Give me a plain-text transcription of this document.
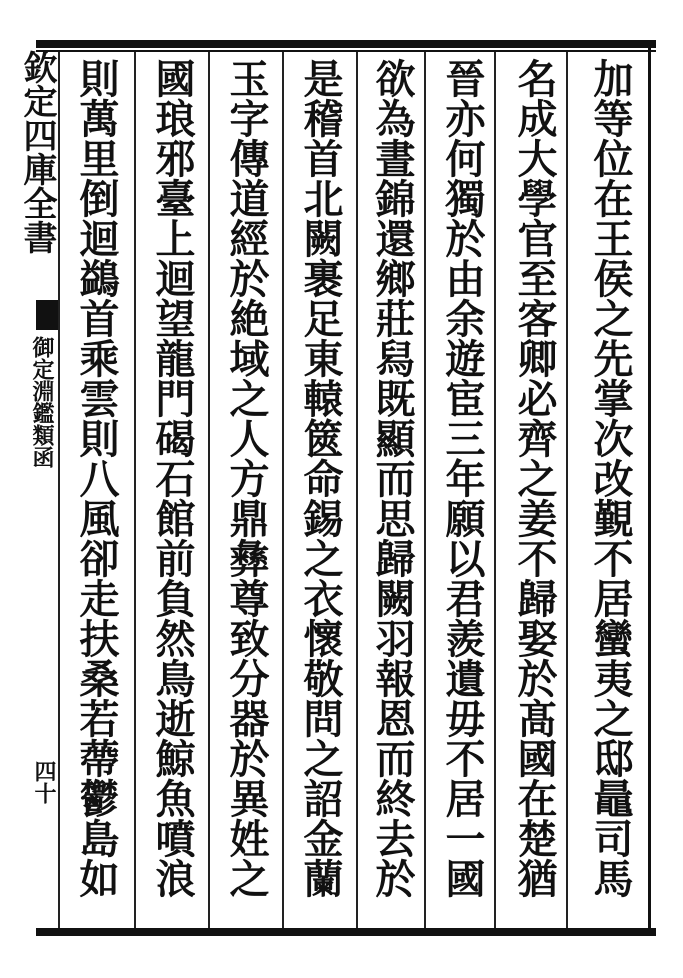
欽定四庫全書
御定淵鑑類函
四十	加等位在王侯之先掌次改覲不居蠻夷之邸鼂司馬
名成大學官至客卿必齊之姜不歸娶於髙國在楚猶
晉亦何獨於由余遊宦三年願以君羨遺毋不居一國
欲為晝錦還鄉莊舄既顯而思歸闕羽報恩而終去於
是稽首北闕裹足東轅篋命錫之衣懷敬問之詔金蘭
玉字傳道經於絶域之人方鼎彝尊致分器於異姓之
國琅邪臺上迴望龍門碣石館前負然鳥逝鯨魚噴浪
則萬里倒迴鷁首乘雲則八風卻走扶桑若蔕鬱島如
